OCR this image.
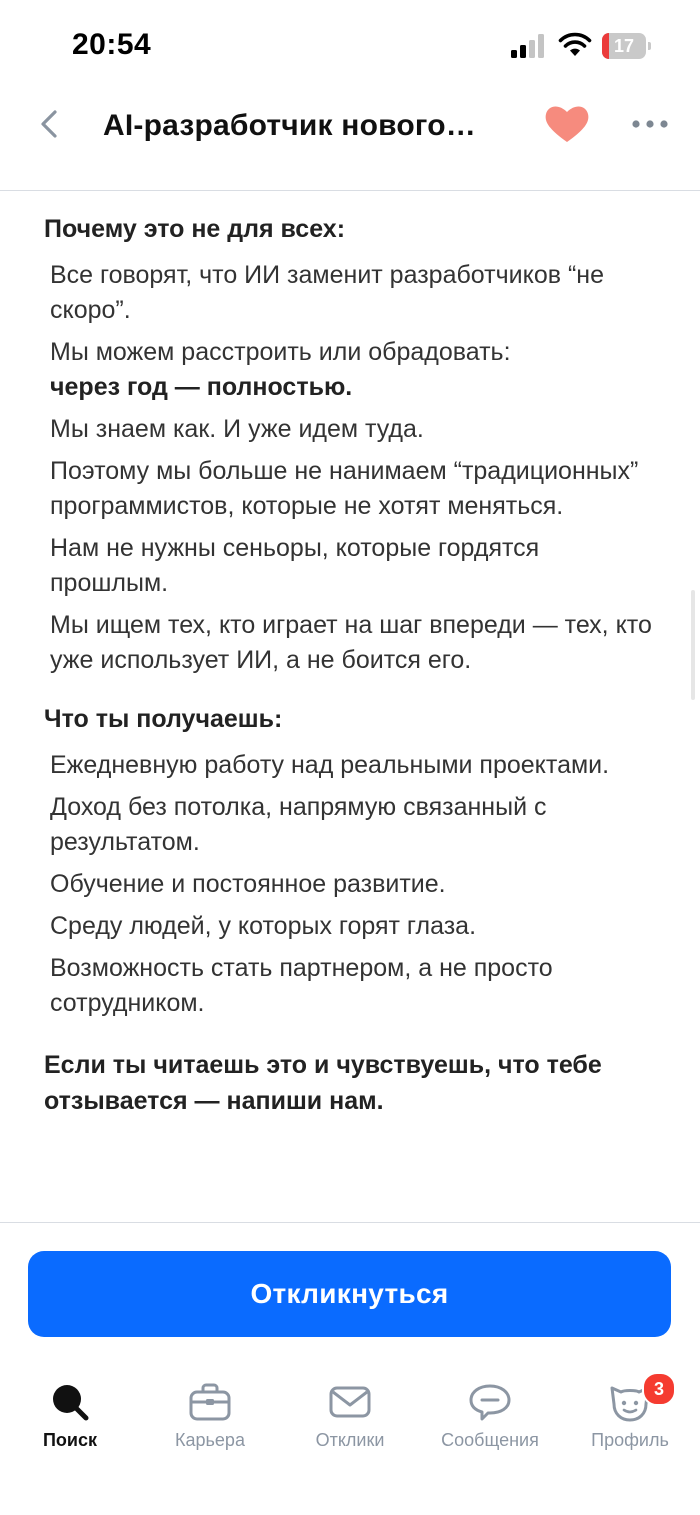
20:54	17
AI-разработчик нового…
Почему это не для всех:
Все говорят, что ИИ заменит разработчиков “не скоро”.
Мы можем расстроить или обрадовать:
через год — полностью.
Мы знаем как. И уже идем туда.
Поэтому мы больше не нанимаем “традиционных” программистов, которые не хотят меняться.
Нам не нужны сеньоры, которые гордятся прошлым.
Мы ищем тех, кто играет на шаг впереди — тех, кто уже использует ИИ, а не боится его.
Что ты получаешь:
Ежедневную работу над реальными проектами.
Доход без потолка, напрямую связанный с результатом.
Обучение и постоянное развитие.
Среду людей, у которых горят глаза.
Возможность стать партнером, а не просто сотрудником.
Если ты читаешь это и чувствуешь, что тебе отзывается — напиши нам.
Откликнуться
Поиск	Карьера	Отклики	Сообщения
3
Профиль
